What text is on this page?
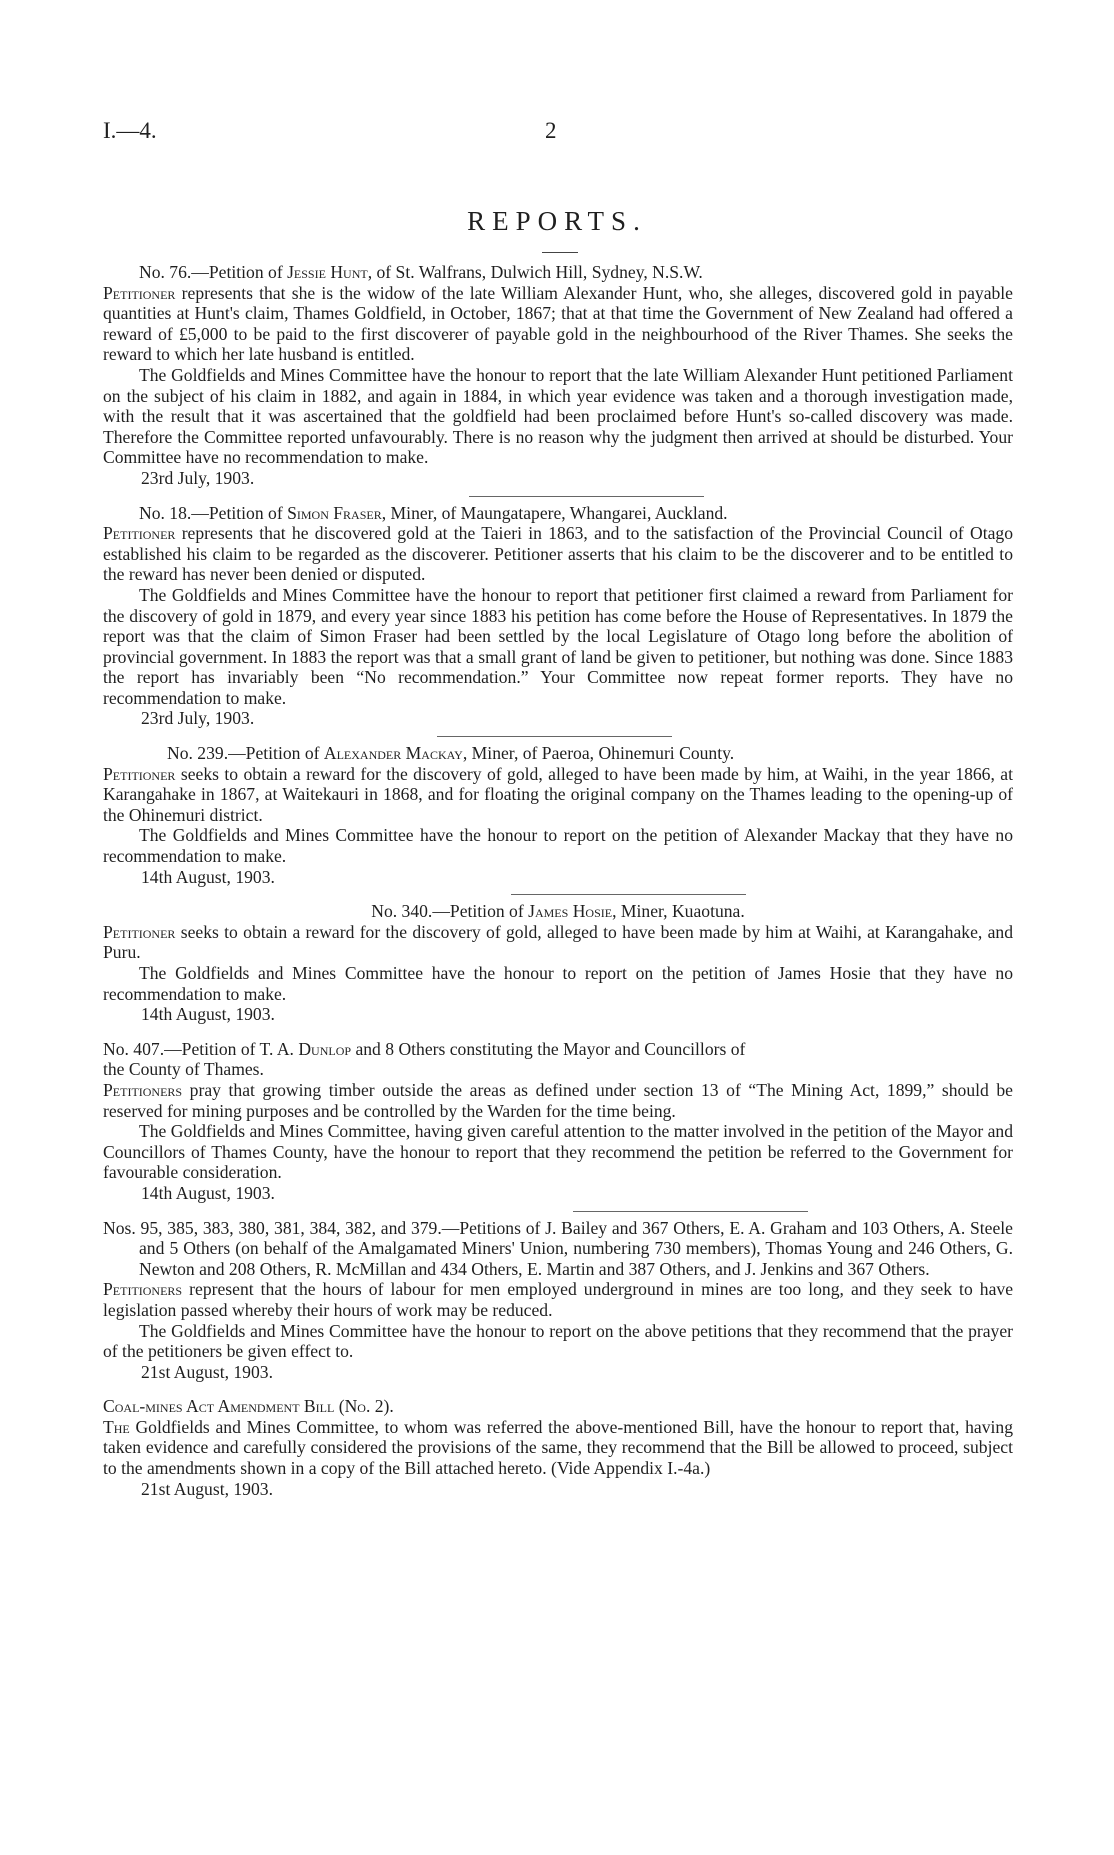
I.—4.	2
REPORTS.

No. 76.—Petition of Jessie Hunt, of St. Walfrans, Dulwich Hill, Sydney, N.S.W.

Petitioner represents that she is the widow of the late William Alexander Hunt, who, she alleges, discovered gold in payable quantities at Hunt's claim, Thames Goldfield, in October, 1867; that at that time the Government of New Zealand had offered a reward of £5,000 to be paid to the first discoverer of payable gold in the neighbourhood of the River Thames. She seeks the reward to which her late husband is entitled.

The Goldfields and Mines Committee have the honour to report that the late William Alexander Hunt petitioned Parliament on the subject of his claim in 1882, and again in 1884, in which year evidence was taken and a thorough investigation made, with the result that it was ascertained that the goldfield had been proclaimed before Hunt's so-called discovery was made. Therefore the Committee reported unfavourably. There is no reason why the judgment then arrived at should be disturbed. Your Committee have no recommendation to make.

23rd July, 1903.

No. 18.—Petition of Simon Fraser, Miner, of Maungatapere, Whangarei, Auckland.

Petitioner represents that he discovered gold at the Taieri in 1863, and to the satisfaction of the Provincial Council of Otago established his claim to be regarded as the discoverer. Petitioner asserts that his claim to be the discoverer and to be entitled to the reward has never been denied or disputed.

The Goldfields and Mines Committee have the honour to report that petitioner first claimed a reward from Parliament for the discovery of gold in 1879, and every year since 1883 his petition has come before the House of Representatives. In 1879 the report was that the claim of Simon Fraser had been settled by the local Legislature of Otago long before the abolition of provincial government. In 1883 the report was that a small grant of land be given to petitioner, but nothing was done. Since 1883 the report has invariably been “No recommendation.” Your Committee now repeat former reports. They have no recommendation to make.

23rd July, 1903.

No. 239.—Petition of Alexander Mackay, Miner, of Paeroa, Ohinemuri County.

Petitioner seeks to obtain a reward for the discovery of gold, alleged to have been made by him, at Waihi, in the year 1866, at Karangahake in 1867, at Waitekauri in 1868, and for floating the original company on the Thames leading to the opening-up of the Ohinemuri district.

The Goldfields and Mines Committee have the honour to report on the petition of Alexander Mackay that they have no recommendation to make.

14th August, 1903.

No. 340.—Petition of James Hosie, Miner, Kuaotuna.

Petitioner seeks to obtain a reward for the discovery of gold, alleged to have been made by him at Waihi, at Karangahake, and Puru.

The Goldfields and Mines Committee have the honour to report on the petition of James Hosie that they have no recommendation to make.

14th August, 1903.

No. 407.—Petition of T. A. Dunlop and 8 Others constituting the Mayor and Councillors of

the County of Thames.

Petitioners pray that growing timber outside the areas as defined under section 13 of “The Mining Act, 1899,” should be reserved for mining purposes and be controlled by the Warden for the time being.

The Goldfields and Mines Committee, having given careful attention to the matter involved in the petition of the Mayor and Councillors of Thames County, have the honour to report that they recommend the petition be referred to the Government for favourable consideration.

14th August, 1903.

Nos. 95, 385, 383, 380, 381, 384, 382, and 379.—Petitions of J. Bailey and 367 Others, E. A. Graham and 103 Others, A. Steele and 5 Others (on behalf of the Amalgamated Miners' Union, numbering 730 members), Thomas Young and 246 Others, G. Newton and 208 Others, R. McMillan and 434 Others, E. Martin and 387 Others, and J. Jenkins and 367 Others.

Petitioners represent that the hours of labour for men employed underground in mines are too long, and they seek to have legislation passed whereby their hours of work may be reduced.

The Goldfields and Mines Committee have the honour to report on the above petitions that they recommend that the prayer of the petitioners be given effect to.

21st August, 1903.

Coal-mines Act Amendment Bill (No. 2).

The Goldfields and Mines Committee, to whom was referred the above-mentioned Bill, have the honour to report that, having taken evidence and carefully considered the provisions of the same, they recommend that the Bill be allowed to proceed, subject to the amendments shown in a copy of the Bill attached hereto. (Vide Appendix I.-4a.)

21st August, 1903.
